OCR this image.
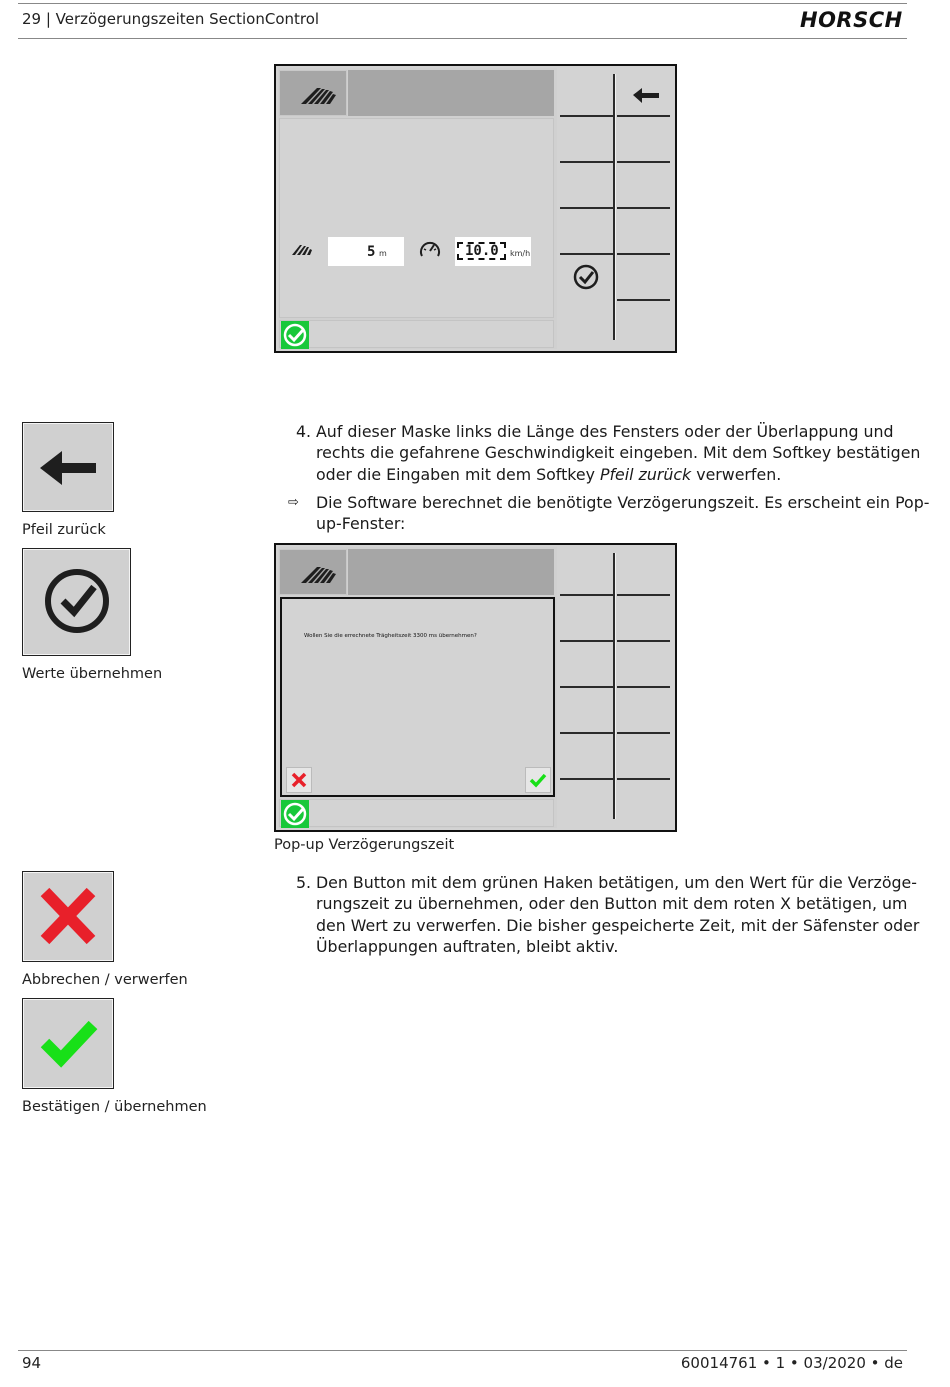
29 | Verzögerungszeiten SectionControl	HORSCH
5 m	10.0 km/h
Pfeil zurück
Werte übernehmen
Abbrechen / verwerfen
Bestätigen / übernehmen
4. Auf dieser Maske links die Länge des Fensters oder der Überlappung und
rechts die gefahrene Geschwindigkeit eingeben. Mit dem Softkey bestätigen
oder die Eingaben mit dem Softkey Pfeil zurück verwerfen.
⇨ Die Software berechnet die benötigte Verzögerungszeit. Es erscheint ein Pop-
up-Fenster:
Wollen Sie die errechnete Trägheitszeit 3300 ms übernehmen?
Pop-up Verzögerungszeit
5. Den Button mit dem grünen Haken betätigen, um den Wert für die Verzöge-
rungszeit zu übernehmen, oder den Button mit dem roten X betätigen, um
den Wert zu verwerfen. Die bisher gespeicherte Zeit, mit der Säfenster oder
Überlappungen auftraten, bleibt aktiv.
94	60014761 • 1 • 03/2020 • de
